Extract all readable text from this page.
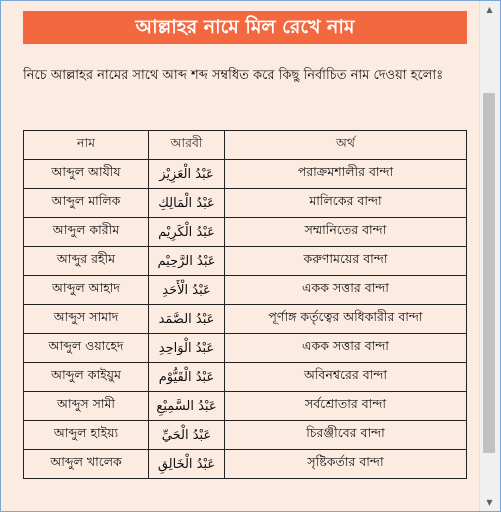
আল্লাহর নামে মিল রেখে নাম
নিচে আল্লাহর নামের সাথে আব্দ শব্দ সম্বধিত করে কিছু নির্বাচিত নাম দেওয়া হলোঃ
নাম	আরবী	অর্থ
আব্দুল আযীয	عَبْدُ الْعَزِيْز	পরাক্রমশালীর বান্দা
আব্দুল মালিক	عَبْدُ الْمَالِكِ	মালিকের বান্দা
আব্দুল কারীম	عَبْدُ الْكَرِيْم	সম্মানিতের বান্দা
আব্দুর রহীম	عَبْدُ الرَّحِيْم	করুণাময়ের বান্দা
আব্দুল আহাদ	عَبْدُ الْأَحَدِ	একক সত্তার বান্দা
আব্দুস সামাদ	عَبْدُ الصَّمَد	পূর্ণাঙ্গ কর্তৃত্বের অধিকারীর বান্দা
আব্দুল ওয়াহেদ	عَبْدُ الْوَاحِدِ	একক সত্তার বান্দা
আব্দুল কাইয়ুম	عَبْدُ الْقَيُّوْم	অবিনশ্বরের বান্দা
আব্দুস সামী	عَبْدُ السَّمِيْعِ	সর্বশ্রোতার বান্দা
আব্দুল হাইয়্য	عَبْدُ الْحَيِّ	চিরঞ্জীবের বান্দা
আব্দুল খালেক	عَبْدُ الْخَالِقِ	সৃষ্টিকর্তার বান্দা
▲
▼
